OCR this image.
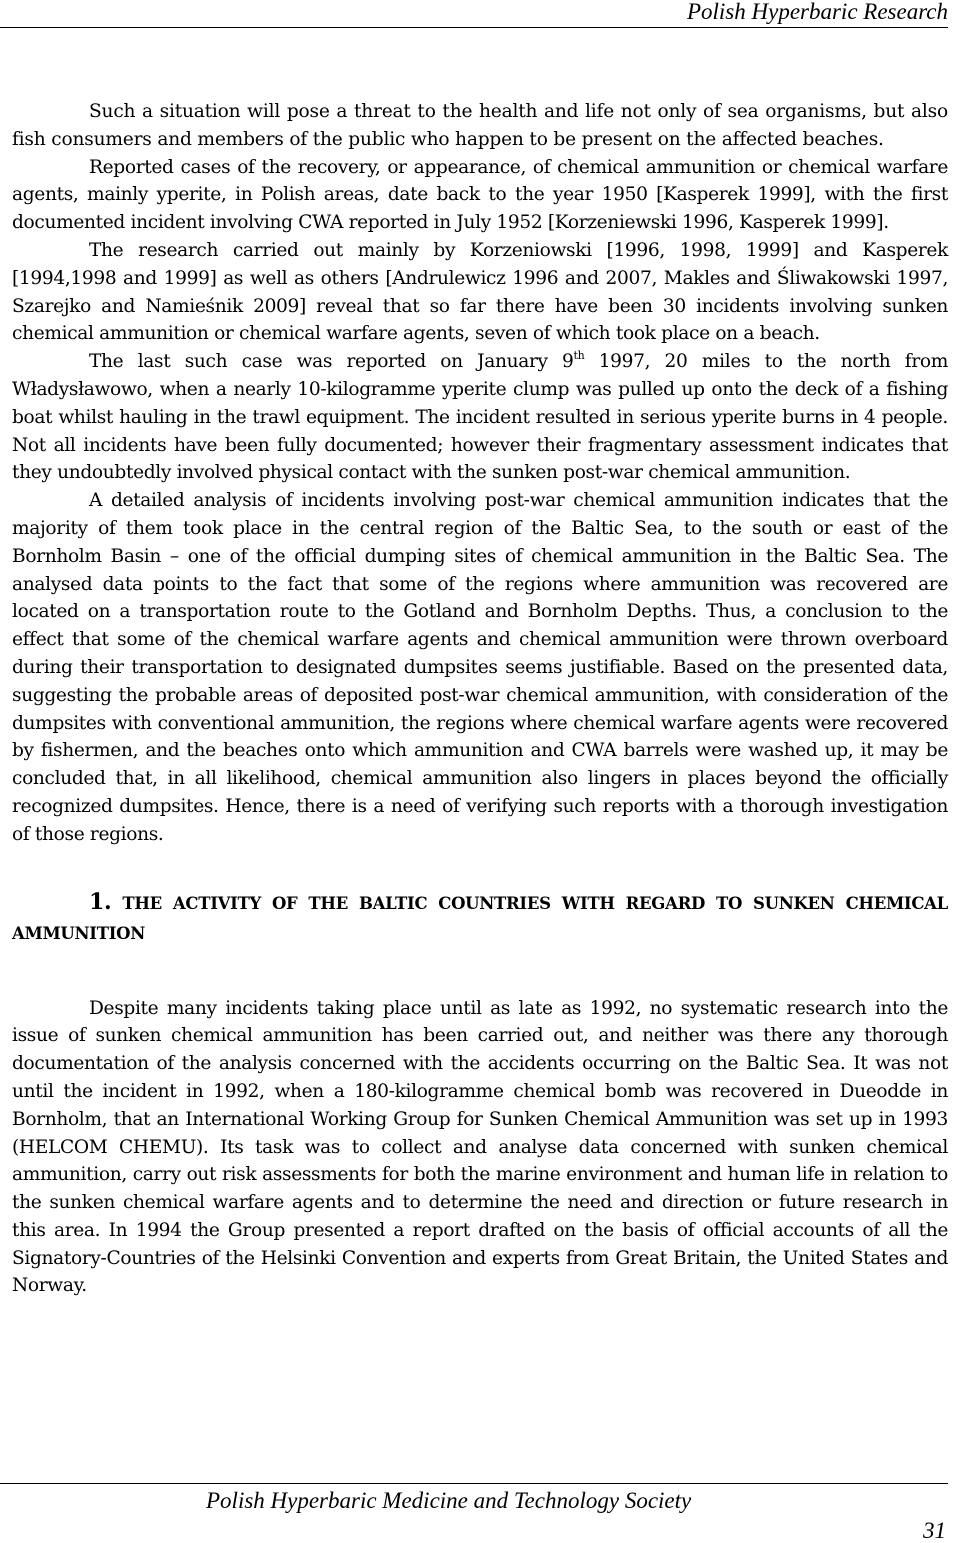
Polish Hyperbaric Research

Such a situation will pose a threat to the health and life not only of sea organisms, but also fish consumers and members of the public who happen to be present on the affected beaches.

Reported cases of the recovery, or appearance, of chemical ammunition or chemical warfare agents, mainly yperite, in Polish areas, date back to the year 1950 [Kasperek 1999], with the first documented incident involving CWA reported in July 1952 [Korzeniewski 1996, Kasperek 1999].

The research carried out mainly by Korzeniowski [1996, 1998, 1999] and Kasperek [1994,1998 and 1999] as well as others [Andrulewicz 1996 and 2007, Makles and Śliwakowski 1997, Szarejko and Namieśnik 2009] reveal that so far there have been 30 incidents involving sunken chemical ammunition or chemical warfare agents, seven of which took place on a beach.

The last such case was reported on January 9th 1997, 20 miles to the north from Władysławowo, when a nearly 10-kilogramme yperite clump was pulled up onto the deck of a fishing boat whilst hauling in the trawl equipment. The incident resulted in serious yperite burns in 4 people. Not all incidents have been fully documented; however their fragmentary assessment indicates that they undoubtedly involved physical contact with the sunken post-war chemical ammunition.

A detailed analysis of incidents involving post-war chemical ammunition indicates that the majority of them took place in the central region of the Baltic Sea, to the south or east of the Bornholm Basin – one of the official dumping sites of chemical ammunition in the Baltic Sea. The analysed data points to the fact that some of the regions where ammunition was recovered are located on a transportation route to the Gotland and Bornholm Depths. Thus, a conclusion to the effect that some of the chemical warfare agents and chemical ammunition were thrown overboard during their transportation to designated dumpsites seems justifiable. Based on the presented data, suggesting the probable areas of deposited post-war chemical ammunition, with consideration of the dumpsites with conventional ammunition, the regions where chemical warfare agents were recovered by fishermen, and the beaches onto which ammunition and CWA barrels were washed up, it may be concluded that, in all likelihood, chemical ammunition also lingers in places beyond the officially recognized dumpsites. Hence, there is a need of verifying such reports with a thorough investigation of those regions.

1. THE ACTIVITY OF THE BALTIC COUNTRIES WITH REGARD TO SUNKEN CHEMICAL AMMUNITION

Despite many incidents taking place until as late as 1992, no systematic research into the issue of sunken chemical ammunition has been carried out, and neither was there any thorough documentation of the analysis concerned with the accidents occurring on the Baltic Sea. It was not until the incident in 1992, when a 180-kilogramme chemical bomb was recovered in Dueodde in Bornholm, that an International Working Group for Sunken Chemical Ammunition was set up in 1993 (HELCOM CHEMU). Its task was to collect and analyse data concerned with sunken chemical ammunition, carry out risk assessments for both the marine environment and human life in relation to the sunken chemical warfare agents and to determine the need and direction or future research in this area. In 1994 the Group presented a report drafted on the basis of official accounts of all the Signatory-Countries of the Helsinki Convention and experts from Great Britain, the United States and Norway.

Polish Hyperbaric Medicine and Technology Society
31
